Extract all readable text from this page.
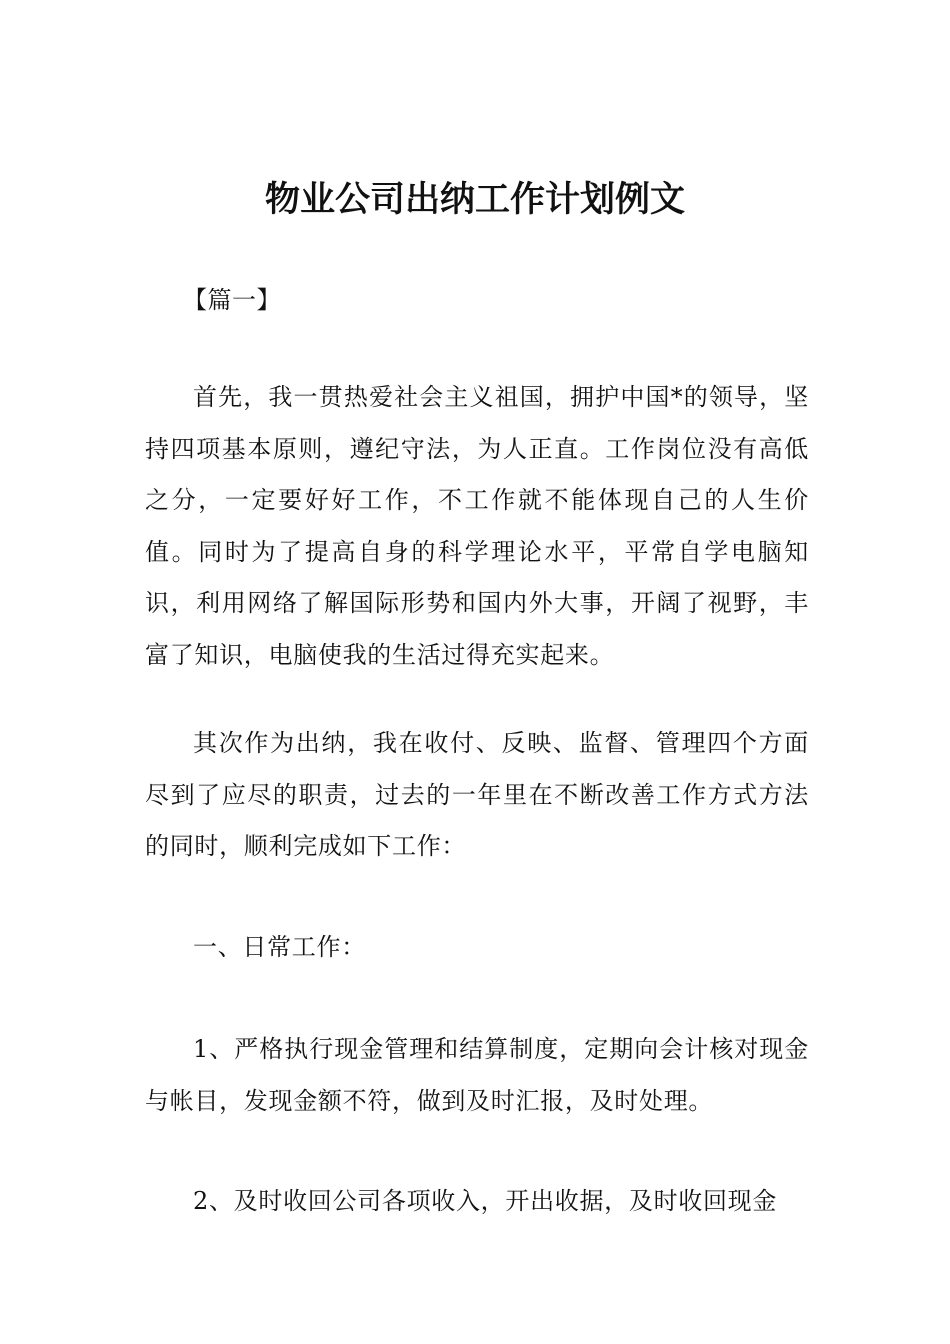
物业公司出纳工作计划例文

【篇一】

首先，我一贯热爱社会主义祖国，拥护中国*的领导，坚持四项基本原则，遵纪守法，为人正直。工作岗位没有高低之分，一定要好好工作，不工作就不能体现自己的人生价值。同时为了提高自身的科学理论水平，平常自学电脑知识，利用网络了解国际形势和国内外大事，开阔了视野，丰富了知识，电脑使我的生活过得充实起来。

其次作为出纳，我在收付、反映、监督、管理四个方面尽到了应尽的职责，过去的一年里在不断改善工作方式方法的同时，顺利完成如下工作：

一、日常工作：

1、严格执行现金管理和结算制度，定期向会计核对现金与帐目，发现金额不符，做到及时汇报，及时处理。

2、及时收回公司各项收入，开出收据，及时收回现金
